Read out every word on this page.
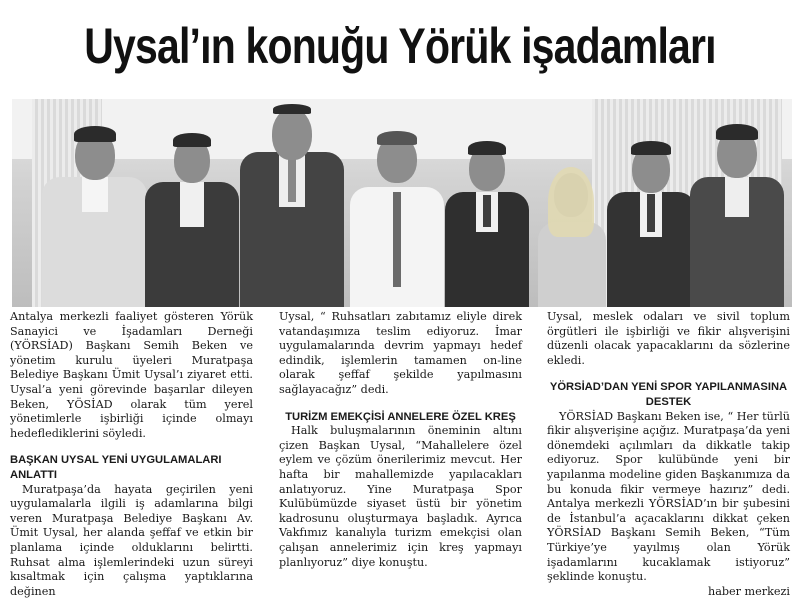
Uysal’ın konuğu Yörük işadamları

Antalya merkezli faaliyet gösteren Yörük Sanayici ve İşadamları Derneği (YÖRSİAD) Başkanı Semih Beken ve yönetim kurulu üyeleri Muratpaşa Belediye Başkanı Ümit Uysal’ı ziyaret etti. Uysal’a yeni görevinde başarılar dileyen Beken, YÖSİAD olarak tüm yerel yönetimlerle işbirliği içinde olmayı hedeflediklerini söyledi.

BAŞKAN UYSAL YENİ UYGULAMALARI ANLATTI

Muratpaşa’da hayata geçirilen yeni uygulamalarla ilgili iş adamlarına bilgi veren Muratpaşa Belediye Başkanı Av. Ümit Uysal, her alanda şeffaf ve etkin bir planlama içinde olduklarını belirtti. Ruhsat alma işlemlerindeki uzun süreyi kısaltmak için çalışma yaptıklarına değinen

Uysal, “ Ruhsatları zabıtamız eliyle direk vatandaşımıza teslim ediyoruz. İmar uygulamalarında devrim yapmayı hedef edindik, işlemlerin tamamen on-line olarak şeffaf şekilde yapılmasını sağlayacağız” dedi.

TURİZM EMEKÇİSİ ANNELERE ÖZEL KREŞ

Halk buluşmalarının öneminin altını çizen Başkan Uysal, “Mahallelere özel eylem ve çözüm önerilerimiz mevcut. Her hafta bir mahallemizde yapılacakları anlatıyoruz. Yine Muratpaşa Spor Kulübümüzde siyaset üstü bir yönetim kadrosunu oluşturmaya başladık. Ayrıca Vakfımız kanalıyla turizm emekçisi olan çalışan annelerimiz için kreş yapmayı planlıyoruz” diye konuştu.

Uysal, meslek odaları ve sivil toplum örgütleri ile işbirliği ve fikir alışverişini düzenli olacak yapacaklarını da sözlerine ekledi.

YÖRSİAD’DAN YENİ SPOR YAPILANMASINA DESTEK

YÖRSİAD Başkanı Beken ise, “ Her türlü fikir alışverişine açığız. Muratpaşa’da yeni dönemdeki açılımları da dikkatle takip ediyoruz. Spor kulübünde yeni bir yapılanma modeline giden Başkanımıza da bu konuda fikir vermeye hazırız” dedi. Antalya merkezli YÖRSİAD’ın bir şubesini de İstanbul’a açacaklarını dikkat çeken YÖRSİAD Başkanı Semih Beken, “Tüm Türkiye’ye yayılmış olan Yörük işadamlarını kucaklamak istiyoruz” şeklinde konuştu.

haber merkezi
